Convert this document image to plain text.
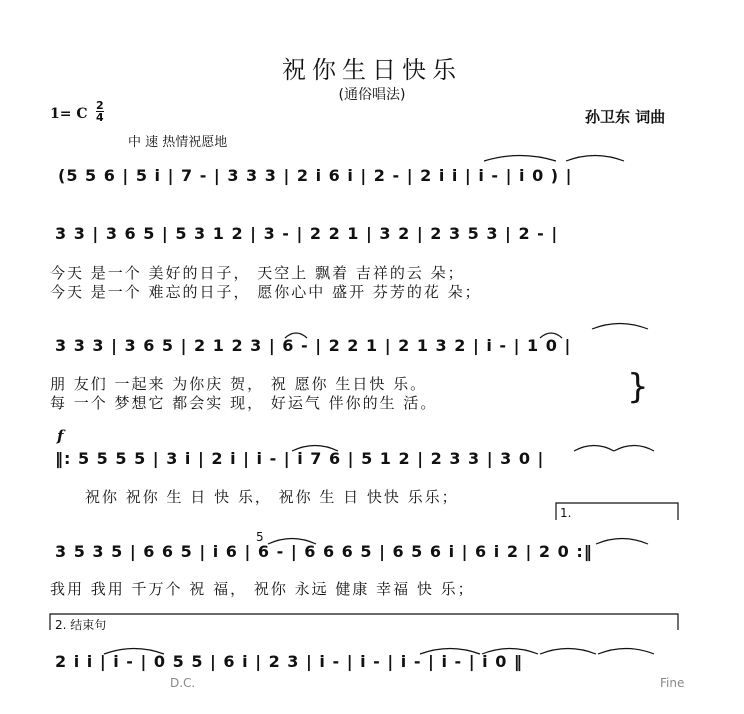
祝你生日快乐
(通俗唱法)
1= C
2
4	孙卫东 词曲
中 速 热情祝愿地
(5 5 6 | 5 i | 7 - | 3 3 3 | 2 i 6 i | 2 - | 2 i i | i - | i 0 ) |
3 3 | 3 6 5 | 5 3 1 2 | 3 - | 2 2 1 | 3 2 | 2 3 5 3 | 2 - |
今天 是一个 美好的日子， 天空上 飘着 吉祥的云 朵；
今天 是一个 难忘的日子， 愿你心中 盛开 芬芳的花 朵；
3 3 3 | 3 6 5 | 2 1 2 3 | 6 - | 2 2 1 | 2 1 3 2 | i - | 1 0 |
朋 友们 一起来 为你庆 贺， 祝 愿你 生日快 乐。
每 一个 梦想它 都会实 现， 好运气 伴你的生 活。	}
f
‖: 5 5 5 5 | 3 i | 2 i | i - | i 7 6 | 5 1 2 | 2 3 3 | 3 0 |
祝你 祝你 生 日 快 乐， 祝你 生 日 快快 乐乐；
1.
5
3 5 3 5 | 6 6 5 | i 6 | 6 - | 6 6 6 5 | 6 5 6 i | 6 i 2 | 2 0 :‖
我用 我用 千万个 祝 福， 祝你 永远 健康 幸福 快 乐；
2. 结束句
2 i i | i - | 0 5 5 | 6 i | 2 3 | i - | i - | i - | i - | i 0 ‖
D.C.	Fine
